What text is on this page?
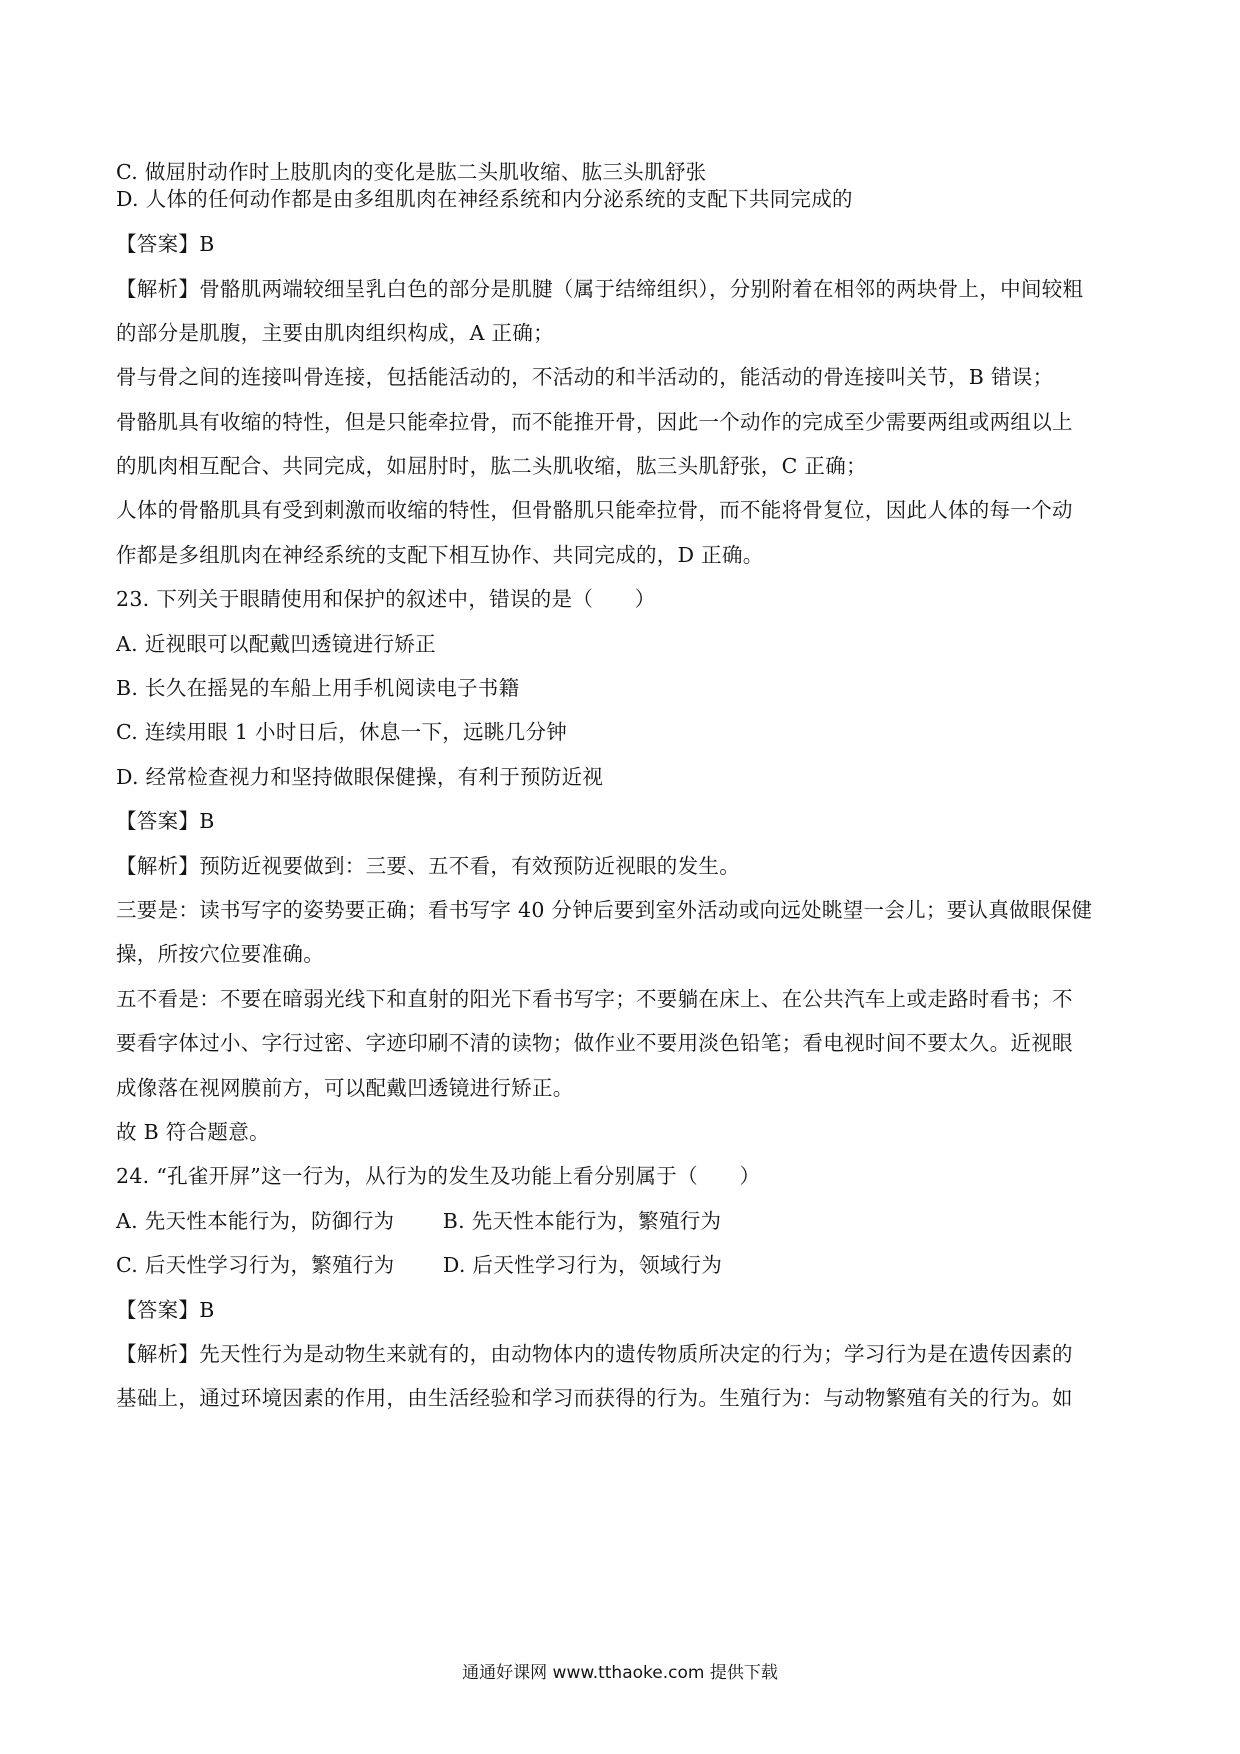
C. 做屈肘动作时上肢肌肉的变化是肱二头肌收缩、肱三头肌舒张
D. 人体的任何动作都是由多组肌肉在神经系统和内分泌系统的支配下共同完成的
【答案】B
【解析】骨骼肌两端较细呈乳白色的部分是肌腱（属于结缔组织），分别附着在相邻的两块骨上，中间较粗
的部分是肌腹，主要由肌肉组织构成，A 正确；
骨与骨之间的连接叫骨连接，包括能活动的，不活动的和半活动的，能活动的骨连接叫关节，B 错误；
骨骼肌具有收缩的特性，但是只能牵拉骨，而不能推开骨，因此一个动作的完成至少需要两组或两组以上
的肌肉相互配合、共同完成，如屈肘时，肱二头肌收缩，肱三头肌舒张，C 正确；
人体的骨骼肌具有受到刺激而收缩的特性，但骨骼肌只能牵拉骨，而不能将骨复位，因此人体的每一个动
作都是多组肌肉在神经系统的支配下相互协作、共同完成的，D 正确。
23. 下列关于眼睛使用和保护的叙述中，错误的是（　　）
A. 近视眼可以配戴凹透镜进行矫正
B. 长久在摇晃的车船上用手机阅读电子书籍
C. 连续用眼 1 小时日后，休息一下，远眺几分钟
D. 经常检查视力和坚持做眼保健操，有利于预防近视
【答案】B
【解析】预防近视要做到：三要、五不看，有效预防近视眼的发生。
三要是：读书写字的姿势要正确；看书写字 40 分钟后要到室外活动或向远处眺望一会儿；要认真做眼保健
操，所按穴位要准确。
五不看是：不要在暗弱光线下和直射的阳光下看书写字；不要躺在床上、在公共汽车上或走路时看书；不
要看字体过小、字行过密、字迹印刷不清的读物；做作业不要用淡色铅笔；看电视时间不要太久。近视眼
成像落在视网膜前方，可以配戴凹透镜进行矫正。
故 B 符合题意。
24. “孔雀开屏”这一行为，从行为的发生及功能上看分别属于（　　）
A. 先天性本能行为，防御行为　　 B. 先天性本能行为，繁殖行为
C. 后天性学习行为，繁殖行为　　 D. 后天性学习行为，领域行为
【答案】B
【解析】先天性行为是动物生来就有的，由动物体内的遗传物质所决定的行为；学习行为是在遗传因素的
基础上，通过环境因素的作用，由生活经验和学习而获得的行为。生殖行为：与动物繁殖有关的行为。如
通通好课网 www.tthaoke.com 提供下载
